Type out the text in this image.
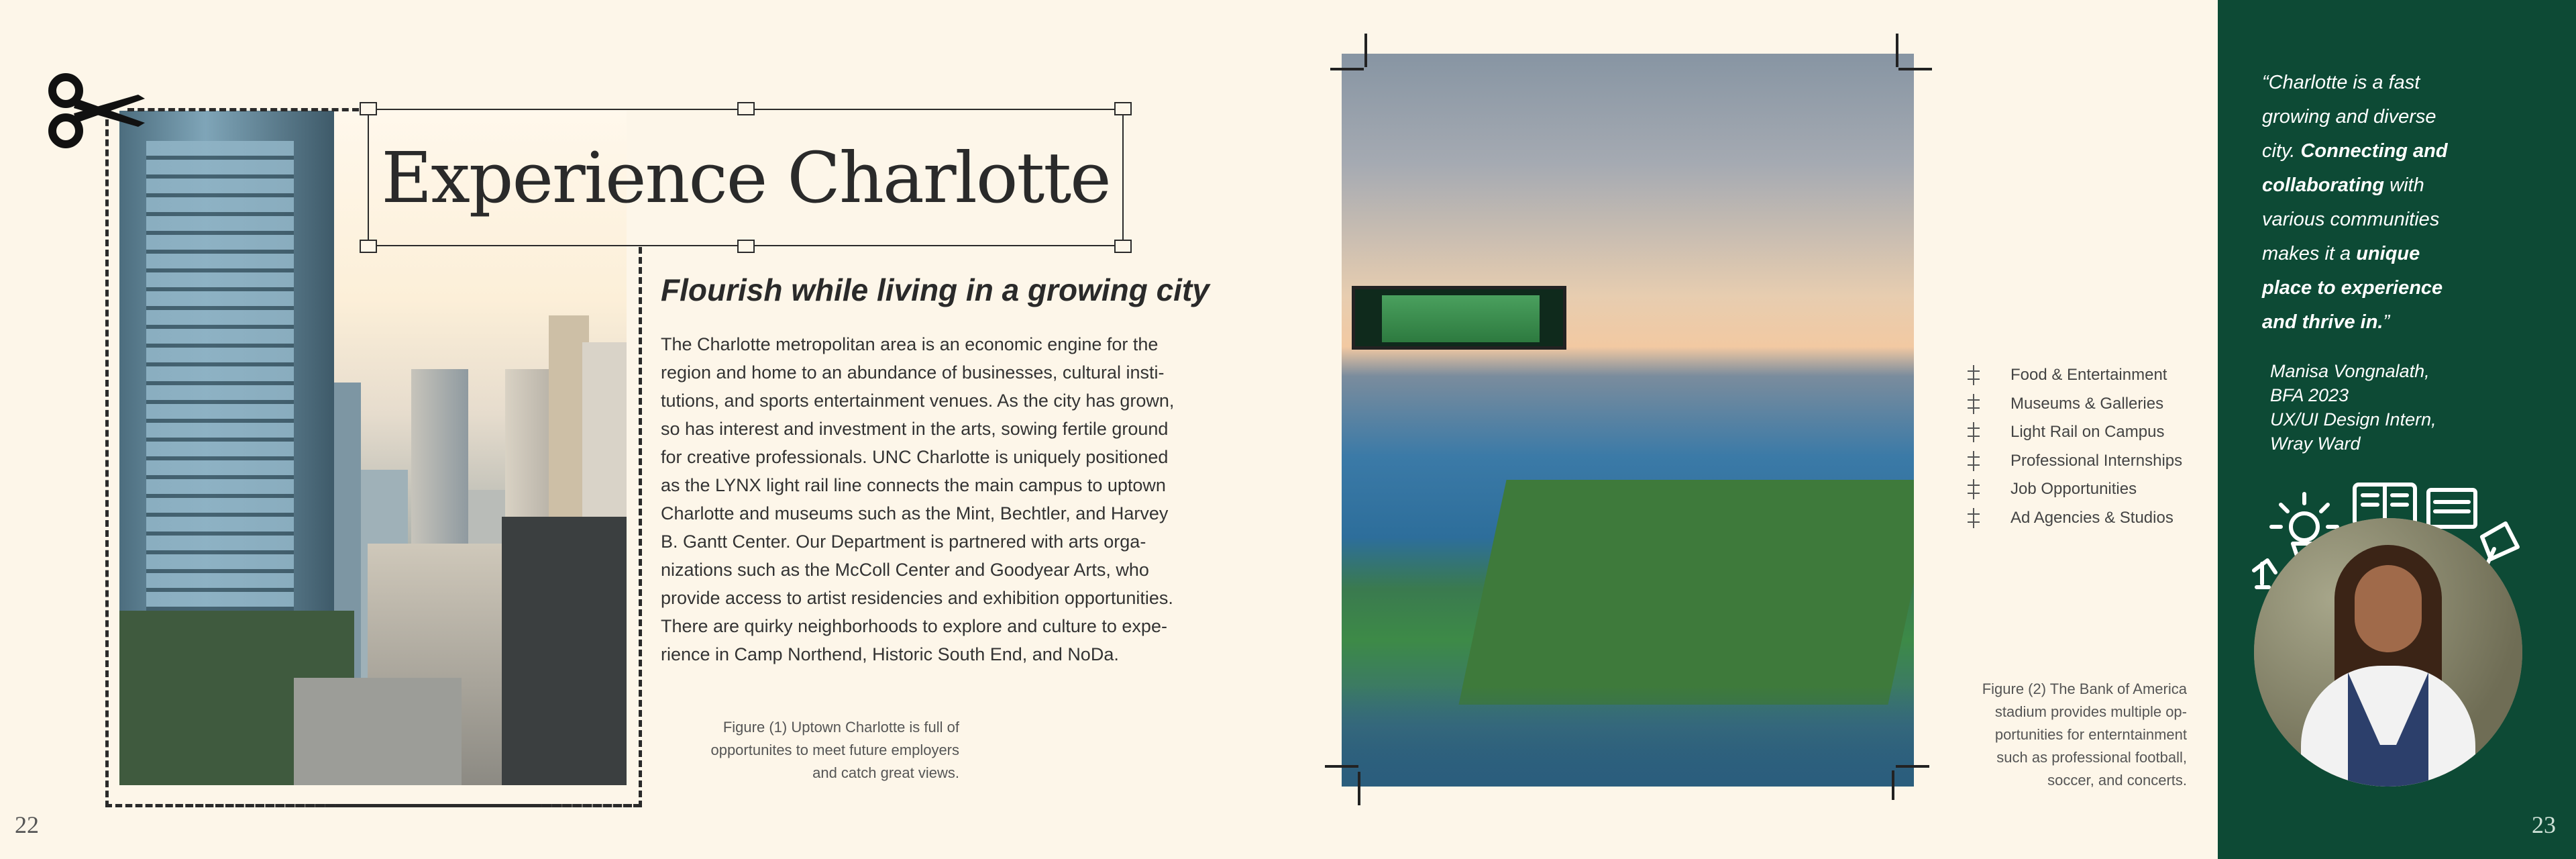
Experience Charlotte
Flourish while living in a growing city
The Charlotte metropolitan area is an economic engine for the
region and home to an abundance of businesses, cultural insti-
tutions, and sports entertainment venues. As the city has grown,
so has interest and investment in the arts, sowing fertile ground
for creative professionals. UNC Charlotte is uniquely positioned
as the LYNX light rail line connects the main campus to uptown
Charlotte and museums such as the Mint, Bechtler, and Harvey
B. Gantt Center. Our Department is partnered with arts orga-
nizations such as the McColl Center and Goodyear Arts, who
provide access to artist residencies and exhibition opportunities.
There are quirky neighborhoods to explore and culture to expe-
rience in Camp Northend, Historic South End, and NoDa.
Figure (1) Uptown Charlotte is full of
opportunites to meet future employers
and catch great views.
22
Food & Entertainment
Museums & Galleries
Light Rail on Campus
Professional Internships
Job Opportunities
Ad Agencies & Studios
Figure (2) The Bank of America
stadium provides multiple op-
portunities for enterntainment
such as professional football,
soccer, and concerts.
“Charlotte is a fast
growing and diverse
city. Connecting and
collaborating with
various communities
makes it a unique
place to experience
and thrive in.”
Manisa Vongnalath,
BFA 2023
UX/UI Design Intern,
Wray Ward
23
